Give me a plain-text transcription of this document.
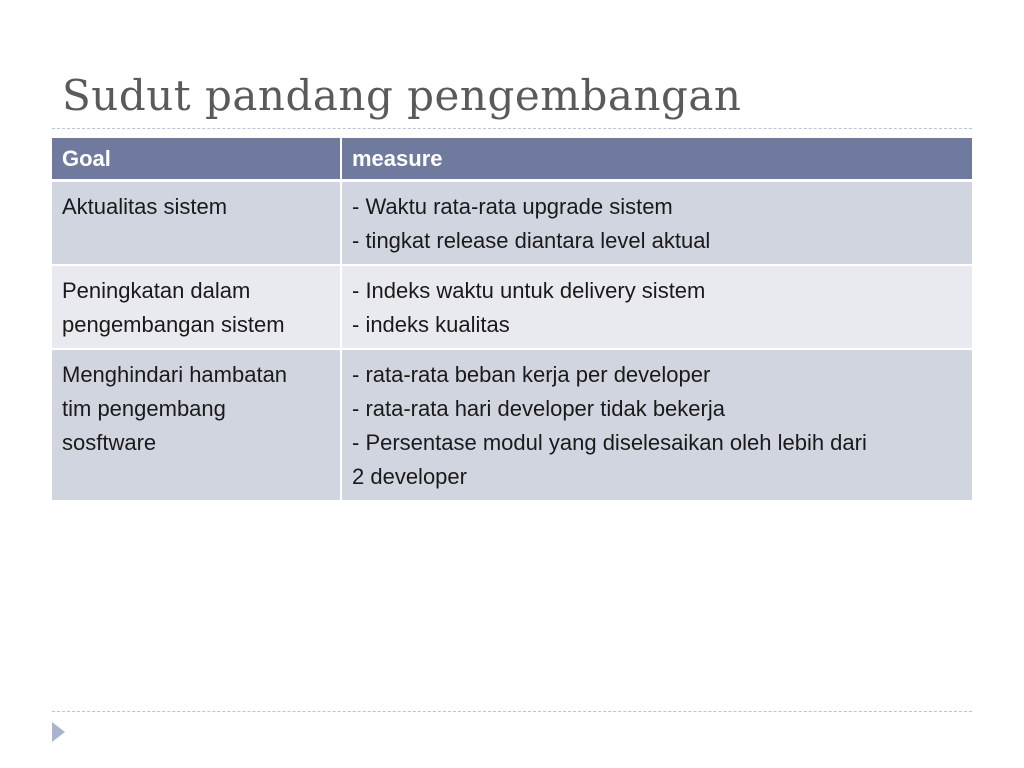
Sudut pandang pengembangan
Goal	measure

Aktualitas sistem	- Waktu rata-rata upgrade sistem
- tingkat release diantara level aktual

Peningkatan dalam
pengembangan sistem	- Indeks waktu untuk delivery sistem
- indeks kualitas

Menghindari hambatan
tim pengembang
sosftware	- rata-rata beban kerja per developer
- rata-rata hari developer tidak bekerja
- Persentase modul yang diselesaikan oleh lebih dari
2 developer
